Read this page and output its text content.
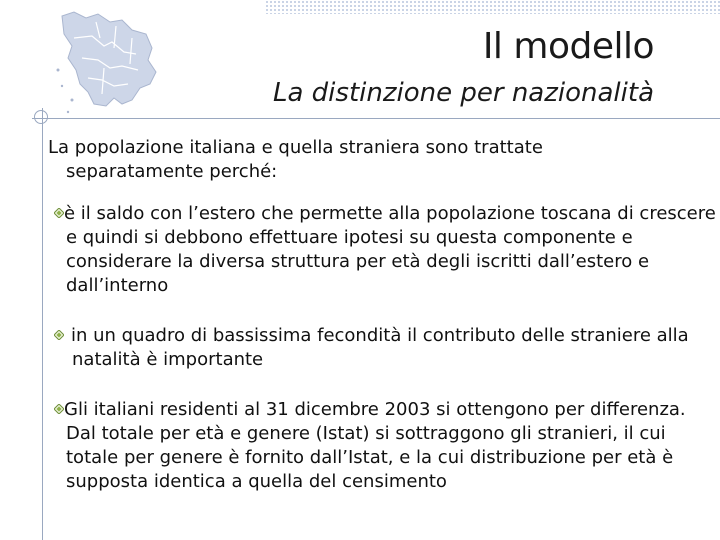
Il modello
La distinzione per nazionalità

La popolazione italiana e quella straniera sono trattate separatamente perché:

è il saldo con l’estero che permette alla popolazione toscana di crescere e quindi si debbono effettuare ipotesi su questa componente e considerare la diversa struttura per età degli iscritti dall’estero e dall’interno
in un quadro di bassissima fecondità il contributo delle straniere alla natalità è importante
Gli italiani residenti al 31 dicembre 2003 si ottengono per differenza. Dal totale per età e genere (Istat) si sottraggono gli stranieri, il cui totale per genere è fornito dall’Istat, e la cui distribuzione per età è supposta identica a quella del censimento
